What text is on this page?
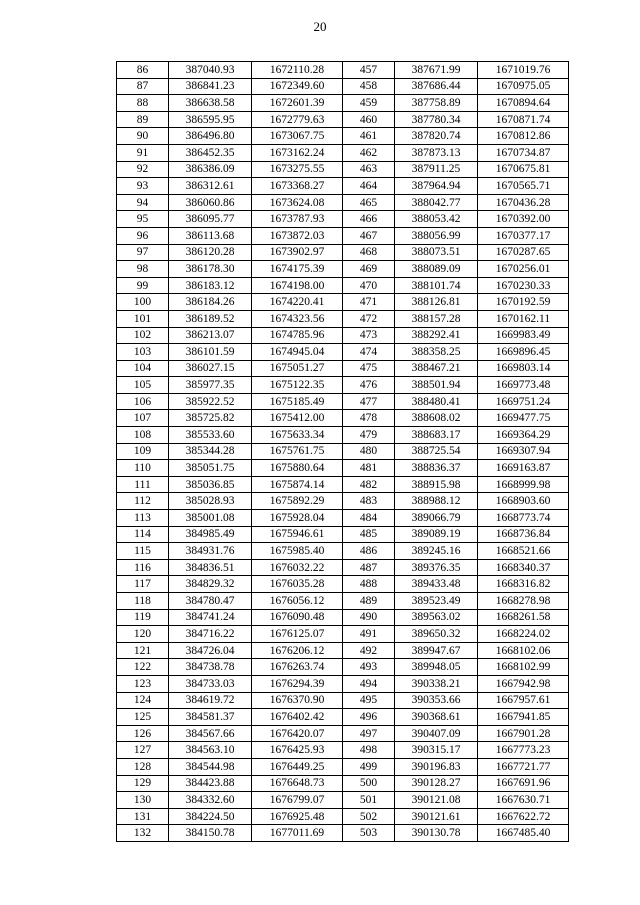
20
86	387040.93	1672110.28	457	387671.99	1671019.76
87	386841.23	1672349.60	458	387686.44	1670975.05
88	386638.58	1672601.39	459	387758.89	1670894.64
89	386595.95	1672779.63	460	387780.34	1670871.74
90	386496.80	1673067.75	461	387820.74	1670812.86
91	386452.35	1673162.24	462	387873.13	1670734.87
92	386386.09	1673275.55	463	387911.25	1670675.81
93	386312.61	1673368.27	464	387964.94	1670565.71
94	386060.86	1673624.08	465	388042.77	1670436.28
95	386095.77	1673787.93	466	388053.42	1670392.00
96	386113.68	1673872.03	467	388056.99	1670377.17
97	386120.28	1673902.97	468	388073.51	1670287.65
98	386178.30	1674175.39	469	388089.09	1670256.01
99	386183.12	1674198.00	470	388101.74	1670230.33
100	386184.26	1674220.41	471	388126.81	1670192.59
101	386189.52	1674323.56	472	388157.28	1670162.11
102	386213.07	1674785.96	473	388292.41	1669983.49
103	386101.59	1674945.04	474	388358.25	1669896.45
104	386027.15	1675051.27	475	388467.21	1669803.14
105	385977.35	1675122.35	476	388501.94	1669773.48
106	385922.52	1675185.49	477	388480.41	1669751.24
107	385725.82	1675412.00	478	388608.02	1669477.75
108	385533.60	1675633.34	479	388683.17	1669364.29
109	385344.28	1675761.75	480	388725.54	1669307.94
110	385051.75	1675880.64	481	388836.37	1669163.87
111	385036.85	1675874.14	482	388915.98	1668999.98
112	385028.93	1675892.29	483	388988.12	1668903.60
113	385001.08	1675928.04	484	389066.79	1668773.74
114	384985.49	1675946.61	485	389089.19	1668736.84
115	384931.76	1675985.40	486	389245.16	1668521.66
116	384836.51	1676032.22	487	389376.35	1668340.37
117	384829.32	1676035.28	488	389433.48	1668316.82
118	384780.47	1676056.12	489	389523.49	1668278.98
119	384741.24	1676090.48	490	389563.02	1668261.58
120	384716.22	1676125.07	491	389650.32	1668224.02
121	384726.04	1676206.12	492	389947.67	1668102.06
122	384738.78	1676263.74	493	389948.05	1668102.99
123	384733.03	1676294.39	494	390338.21	1667942.98
124	384619.72	1676370.90	495	390353.66	1667957.61
125	384581.37	1676402.42	496	390368.61	1667941.85
126	384567.66	1676420.07	497	390407.09	1667901.28
127	384563.10	1676425.93	498	390315.17	1667773.23
128	384544.98	1676449.25	499	390196.83	1667721.77
129	384423.88	1676648.73	500	390128.27	1667691.96
130	384332.60	1676799.07	501	390121.08	1667630.71
131	384224.50	1676925.48	502	390121.61	1667622.72
132	384150.78	1677011.69	503	390130.78	1667485.40
